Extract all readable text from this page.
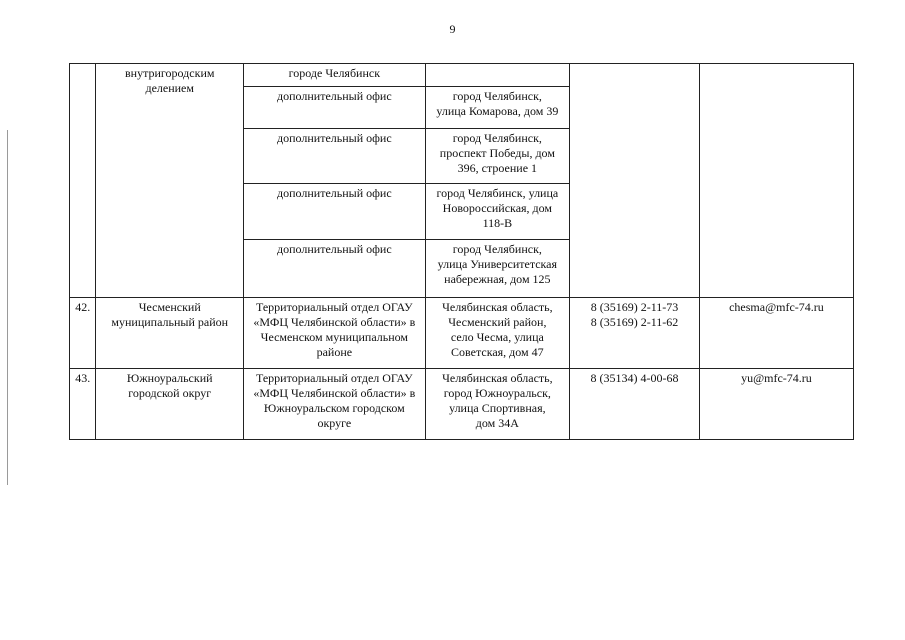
9

	внутригородским
делением	городе Челябинск			

		дополнительный офис	город Челябинск,
улица Комарова, дом 39		

		дополнительный офис	город Челябинск,
проспект Победы, дом
396, строение 1		

		дополнительный офис	город Челябинск, улица
Новороссийская, дом
118-В		

		дополнительный офис	город Челябинск,
улица Университетская
набережная, дом 125		

42.	Чесменский
муниципальный район	Территориальный отдел ОГАУ
«МФЦ Челябинской области» в
Чесменском муниципальном
районе	Челябинская область,
Чесменский район,
село Чесма, улица
Советская, дом 47	8 (35169) 2-11-73
8 (35169) 2-11-62	chesma@mfc-74.ru

43.	Южноуральский
городской округ	Территориальный отдел ОГАУ
«МФЦ Челябинской области» в
Южноуральском городском
округе	Челябинская область,
город Южноуральск,
улица Спортивная,
дом 34А	8 (35134) 4-00-68	yu@mfc-74.ru
